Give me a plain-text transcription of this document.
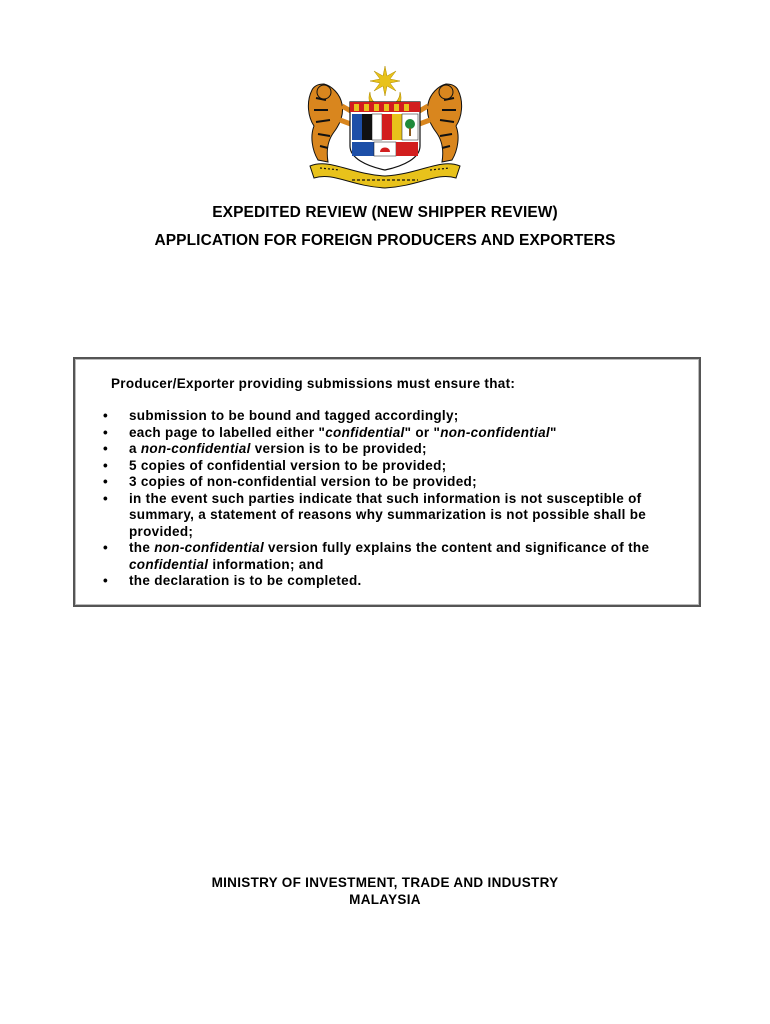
EXPEDITED REVIEW (NEW SHIPPER REVIEW)
APPLICATION FOR FOREIGN PRODUCERS AND EXPORTERS
Producer/Exporter providing submissions must ensure that:
• submission to be bound and tagged accordingly;
• each page to labelled either "confidential" or "non-confidential"
• a non-confidential version is to be provided;
• 5 copies of confidential version to be provided;
• 3 copies of non-confidential version to be provided;
• in the event such parties indicate that such information is not susceptible of summary, a statement of reasons why summarization is not possible shall be provided;
• the non-confidential version fully explains the content and significance of the confidential information; and
• the declaration is to be completed.
MINISTRY OF INVESTMENT, TRADE AND INDUSTRY
MALAYSIA
